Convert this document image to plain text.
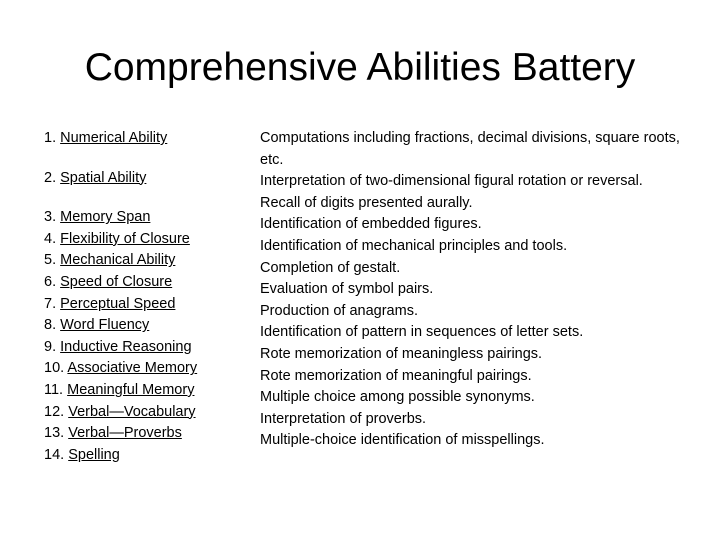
Comprehensive Abilities Battery
1. Numerical Ability
2. Spatial Ability
3. Memory Span
4. Flexibility of Closure
5. Mechanical Ability
6. Speed of Closure
7. Perceptual Speed
8. Word Fluency
9. Inductive Reasoning
10. Associative Memory
11. Meaningful Memory
12. Verbal—Vocabulary
13. Verbal—Proverbs
14. Spelling
Computations including fractions, decimal divisions, square roots, etc.
Interpretation of two-dimensional figural rotation or reversal.
Recall of digits presented aurally.
Identification of embedded figures.
Identification of mechanical principles and tools.
Completion of gestalt.
Evaluation of symbol pairs.
Production of anagrams.
Identification of pattern in sequences of letter sets.
Rote memorization of meaningless pairings.
Rote memorization of meaningful pairings.
Multiple choice among possible synonyms.
Interpretation of proverbs.
Multiple-choice identification of misspellings.
